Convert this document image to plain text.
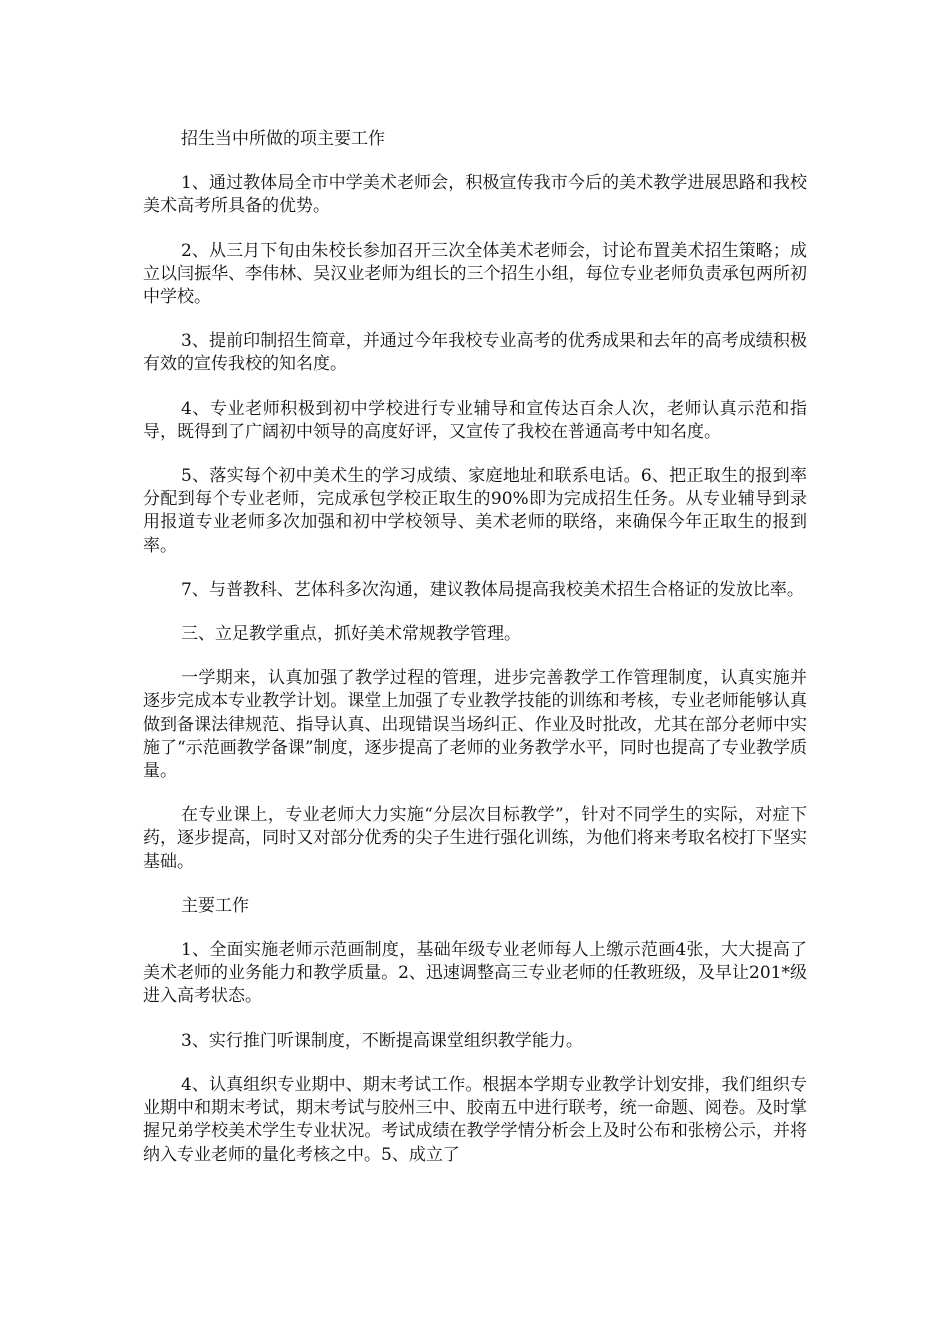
招生当中所做的项主要工作

1、通过教体局全市中学美术老师会，积极宣传我市今后的美术教学进展思路和我校美术高考所具备的优势。

2、从三月下旬由朱校长参加召开三次全体美术老师会，讨论布置美术招生策略；成立以闫振华、李伟林、吴汉业老师为组长的三个招生小组，每位专业老师负责承包两所初中学校。

3、提前印制招生简章，并通过今年我校专业高考的优秀成果和去年的高考成绩积极有效的宣传我校的知名度。

4、专业老师积极到初中学校进行专业辅导和宣传达百余人次，老师认真示范和指导，既得到了广阔初中领导的高度好评，又宣传了我校在普通高考中知名度。

5、落实每个初中美术生的学习成绩、家庭地址和联系电话。6、把正取生的报到率分配到每个专业老师，完成承包学校正取生的90%即为完成招生任务。从专业辅导到录用报道专业老师多次加强和初中学校领导、美术老师的联络，来确保今年正取生的报到率。

7、与普教科、艺体科多次沟通，建议教体局提高我校美术招生合格证的发放比率。

三、立足教学重点，抓好美术常规教学管理。

一学期来，认真加强了教学过程的管理，进步完善教学工作管理制度，认真实施并逐步完成本专业教学计划。课堂上加强了专业教学技能的训练和考核，专业老师能够认真做到备课法律规范、指导认真、出现错误当场纠正、作业及时批改，尤其在部分老师中实施了“示范画教学备课”制度，逐步提高了老师的业务教学水平，同时也提高了专业教学质量。

在专业课上，专业老师大力实施“分层次目标教学”，针对不同学生的实际，对症下药，逐步提高，同时又对部分优秀的尖子生进行强化训练，为他们将来考取名校打下坚实基础。

主要工作

1、全面实施老师示范画制度，基础年级专业老师每人上缴示范画4张，大大提高了美术老师的业务能力和教学质量。2、迅速调整高三专业老师的任教班级，及早让201*级进入高考状态。

3、实行推门听课制度，不断提高课堂组织教学能力。

4、认真组织专业期中、期末考试工作。根据本学期专业教学计划安排，我们组织专业期中和期末考试，期末考试与胶州三中、胶南五中进行联考，统一命题、阅卷。及时掌握兄弟学校美术学生专业状况。考试成绩在教学学情分析会上及时公布和张榜公示，并将纳入专业老师的量化考核之中。5、成立了
